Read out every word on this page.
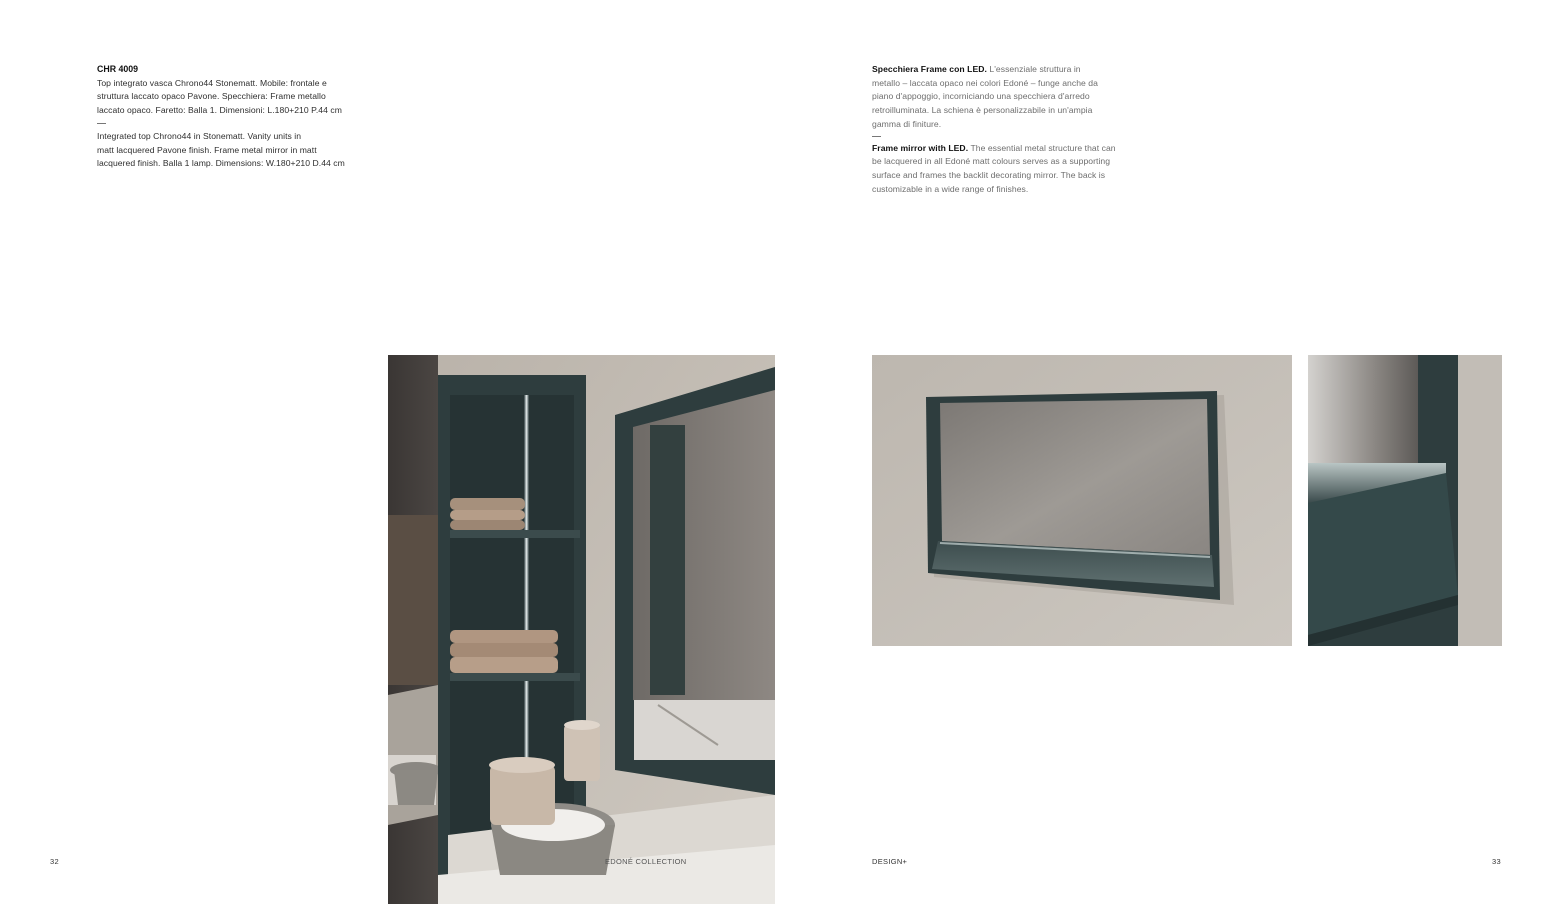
CHR 4009
Top integrato vasca Chrono44 Stonematt. Mobile: frontale e
struttura laccato opaco Pavone. Specchiera: Frame metallo
laccato opaco. Faretto: Balla 1. Dimensioni: L.180+210 P.44 cm
Integrated top Chrono44 in Stonematt. Vanity units in
matt lacquered Pavone finish. Frame metal mirror in matt
lacquered finish. Balla 1 lamp. Dimensions: W.180+210 D.44 cm
Specchiera Frame con LED. L'essenziale struttura in
metallo – laccata opaco nei colori Edoné – funge anche da
piano d'appoggio, incorniciando una specchiera d'arredo
retroilluminata. La schiena è personalizzabile in un'ampia
gamma di finiture.
Frame mirror with LED. The essential metal structure that can
be lacquered in all Edoné matt colours serves as a supporting
surface and frames the backlit decorating mirror. The back is
customizable in a wide range of finishes.
32	EDONÉ COLLECTION	DESIGN+	33
